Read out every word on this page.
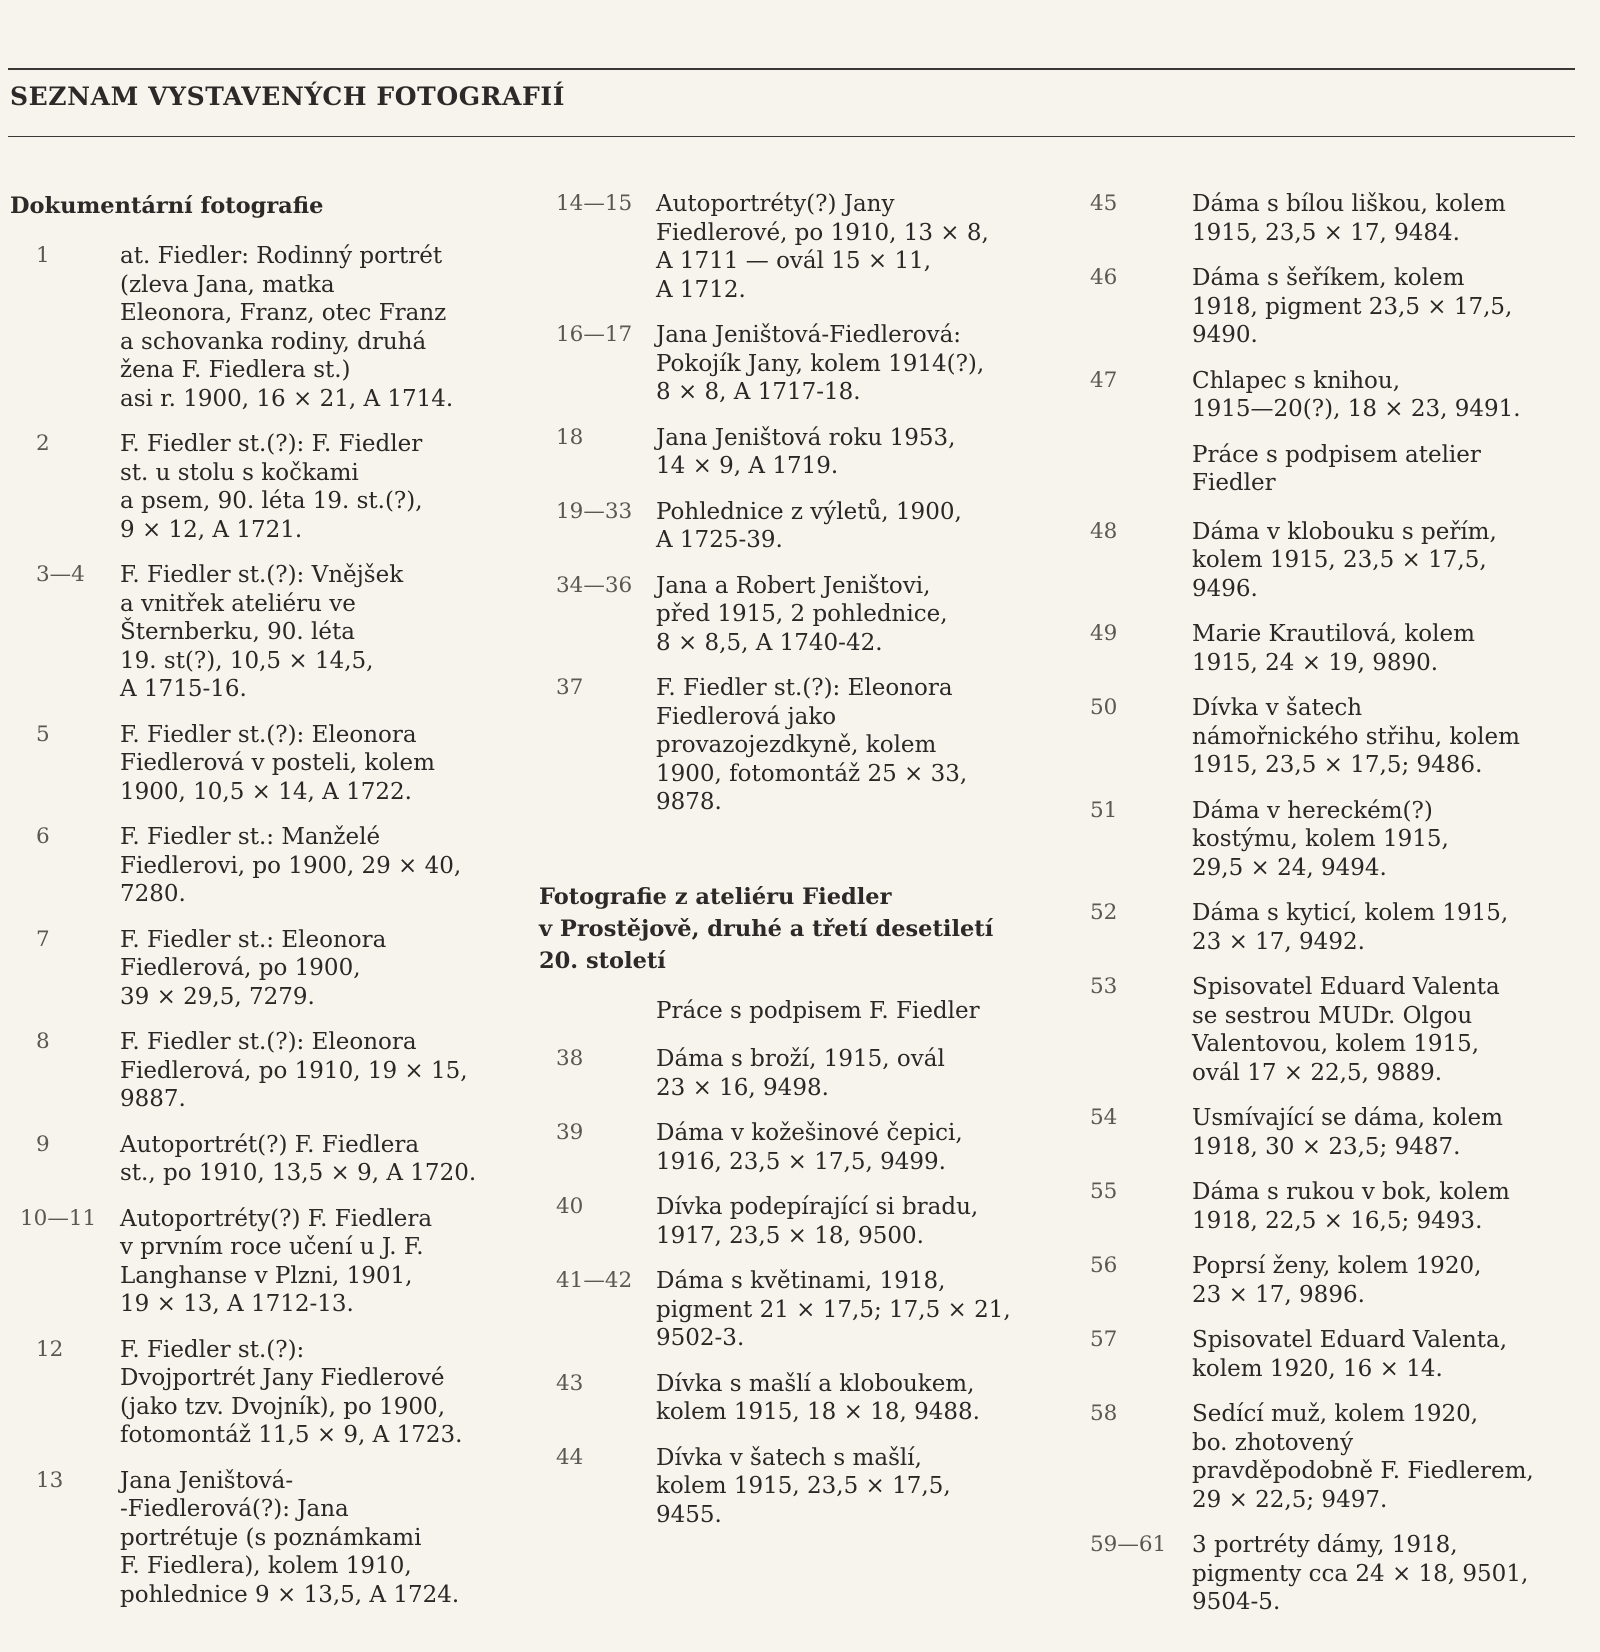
SEZNAM VYSTAVENÝCH FOTOGRAFIÍ
Dokumentární fotografie
1	at. Fiedler: Rodinný portrét
(zleva Jana, matka
Eleonora, Franz, otec Franz
a schovanka rodiny, druhá
žena F. Fiedlera st.)
asi r. 1900, 16 × 21, A 1714.
2	F. Fiedler st.(?): F. Fiedler
st. u stolu s kočkami
a psem, 90. léta 19. st.(?),
9 × 12, A 1721.
3—4 F. Fiedler st.(?): Vnějšek
a vnitřek ateliéru ve
Šternberku, 90. léta
19. st(?), 10,5 × 14,5,
A 1715-16.
5	F. Fiedler st.(?): Eleonora
Fiedlerová v posteli, kolem
1900, 10,5 × 14, A 1722.
6	F. Fiedler st.: Manželé
Fiedlerovi, po 1900, 29 × 40,
7280.
7	F. Fiedler st.: Eleonora
Fiedlerová, po 1900,
39 × 29,5, 7279.
8	F. Fiedler st.(?): Eleonora
Fiedlerová, po 1910, 19 × 15,
9887.
9	Autoportrét(?) F. Fiedlera
st., po 1910, 13,5 × 9, A 1720.
10—11 Autoportréty(?) F. Fiedlera
v prvním roce učení u J. F.
Langhanse v Plzni, 1901,
19 × 13, A 1712-13.
12 F. Fiedler st.(?):
Dvojportrét Jany Fiedlerové
(jako tzv. Dvojník), po 1900,
fotomontáž 11,5 × 9, A 1723.
13 Jana Jeništová-
-Fiedlerová(?): Jana
portrétuje (s poznámkami
F. Fiedlera), kolem 1910,
pohlednice 9 × 13,5, A 1724.
14—15 Autoportréty(?) Jany
Fiedlerové, po 1910, 13 × 8,
A 1711 — ovál 15 × 11,
A 1712.
16—17 Jana Jeništová-Fiedlerová:
Pokojík Jany, kolem 1914(?),
8 × 8, A 1717-18.
18	Jana Jeništová roku 1953,
14 × 9, A 1719.
19—33 Pohlednice z výletů, 1900,
A 1725-39.
34—36 Jana a Robert Jeništovi,
před 1915, 2 pohlednice,
8 × 8,5, A 1740-42.
37	F. Fiedler st.(?): Eleonora
Fiedlerová jako
provazojezdkyně, kolem
1900, fotomontáž 25 × 33,
9878.
Fotografie z ateliéru Fiedler
v Prostějově, druhé a třetí desetiletí
20. století
Práce s podpisem F. Fiedler
38	Dáma s broží, 1915, ovál
23 × 16, 9498.
39	Dáma v kožešinové čepici,
1916, 23,5 × 17,5, 9499.
40	Dívka podepírající si bradu,
1917, 23,5 × 18, 9500.
41—42 Dáma s květinami, 1918,
pigment 21 × 17,5; 17,5 × 21,
9502-3.
43	Dívka s mašlí a kloboukem,
kolem 1915, 18 × 18, 9488.
44	Dívka v šatech s mašlí,
kolem 1915, 23,5 × 17,5,
9455.
45	Dáma s bílou liškou, kolem
1915, 23,5 × 17, 9484.
46	Dáma s šeříkem, kolem
1918, pigment 23,5 × 17,5,
9490.
47	Chlapec s knihou,
1915—20(?), 18 × 23, 9491.
Práce s podpisem atelier
Fiedler
48	Dáma v klobouku s peřím,
kolem 1915, 23,5 × 17,5,
9496.
49	Marie Krautilová, kolem
1915, 24 × 19, 9890.
50	Dívka v šatech
námořnického střihu, kolem
1915, 23,5 × 17,5; 9486.
51	Dáma v hereckém(?)
kostýmu, kolem 1915,
29,5 × 24, 9494.
52	Dáma s kyticí, kolem 1915,
23 × 17, 9492.
53	Spisovatel Eduard Valenta
se sestrou MUDr. Olgou
Valentovou, kolem 1915,
ovál 17 × 22,5, 9889.
54	Usmívající se dáma, kolem
1918, 30 × 23,5; 9487.
55	Dáma s rukou v bok, kolem
1918, 22,5 × 16,5; 9493.
56	Poprsí ženy, kolem 1920,
23 × 17, 9896.
57	Spisovatel Eduard Valenta,
kolem 1920, 16 × 14.
58	Sedící muž, kolem 1920,
bo. zhotovený
pravděpodobně F. Fiedlerem,
29 × 22,5; 9497.
59—61 3 portréty dámy, 1918,
pigmenty cca 24 × 18, 9501,
9504-5.
